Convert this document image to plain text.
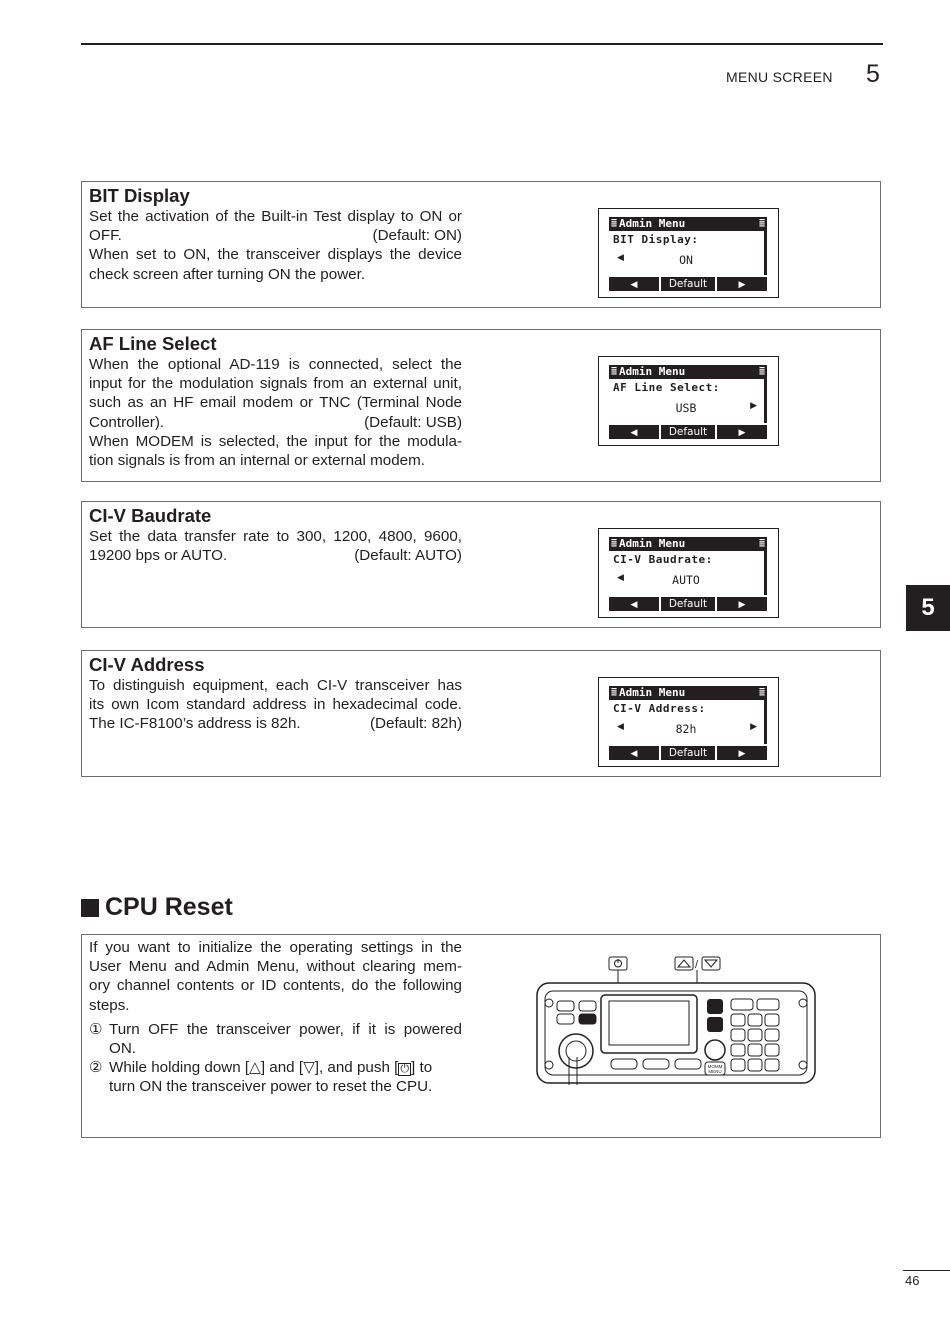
MENU SCREEN 5
5
BIT Display
Set the activation of the Built-in Test display to ON or
OFF.	(Default: ON)
When set to ON, the transceiver displays the device
check screen after turning ON the power.
≣ Admin Menu	≣
BIT Display:
◀	ON
◀	Default	▶
AF Line Select
When the optional AD-119 is connected, select the
input for the modulation signals from an external unit,
such as an HF email modem or TNC (Terminal Node
Controller).	(Default: USB)
When MODEM is selected, the input for the modula-
tion signals is from an internal or external modem.
≣ Admin Menu	≣
AF Line Select:
USB	▶
◀	Default	▶
CI-V Baudrate
Set the data transfer rate to 300, 1200, 4800, 9600,
19200 bps or AUTO.	(Default: AUTO)
≣ Admin Menu	≣
CI-V Baudrate:
◀	AUTO
◀	Default	▶
CI-V Address
To distinguish equipment, each CI-V transceiver has
its own Icom standard address in hexadecimal code.
The IC-F8100’s address is 82h.	(Default: 82h)
≣ Admin Menu	≣
CI-V Address:
◀	82h	▶
◀	Default	▶
CPU Reset
If you want to initialize the operating settings in the
User Menu and Admin Menu, without clearing mem-
ory channel contents or ID contents, do the following
steps.
① Turn OFF the transceiver power, if it is powered
ON.
② While holding down [△] and [▽], and push [ ⏻ ] to
turn ON the transceiver power to reset the CPU.
/
MOMM
MENU
46
